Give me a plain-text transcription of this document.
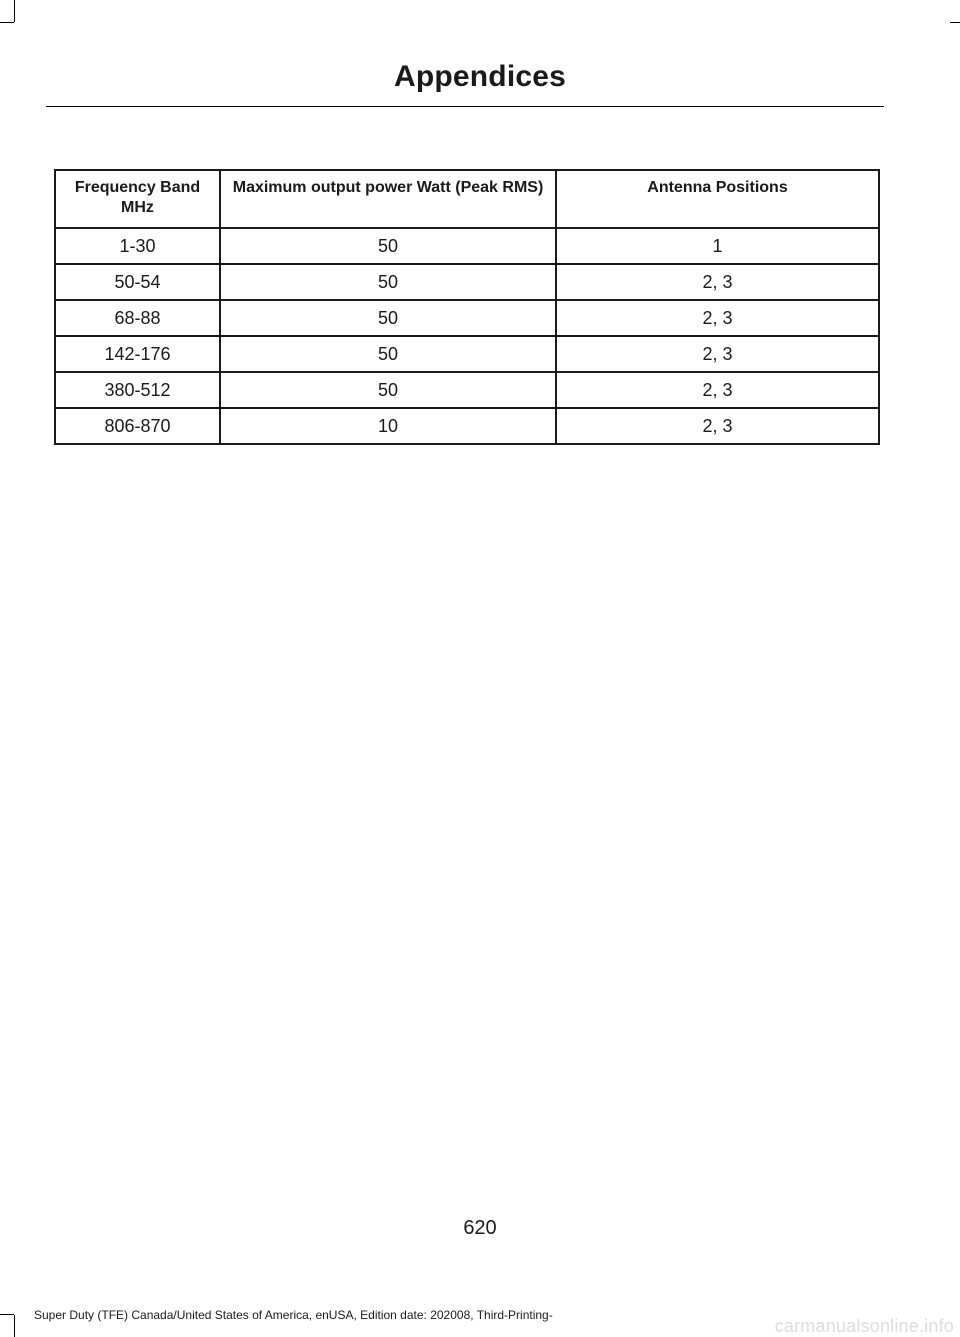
Appendices
Frequency Band MHz	Maximum output power Watt (Peak RMS)	Antenna Positions
1-30	50	1
50-54	50	2, 3
68-88	50	2, 3
142-176	50	2, 3
380-512	50	2, 3
806-870	10	2, 3
620
Super Duty (TFE) Canada/United States of America, enUSA, Edition date: 202008, Third-Printing-
carmanualsonline.info
